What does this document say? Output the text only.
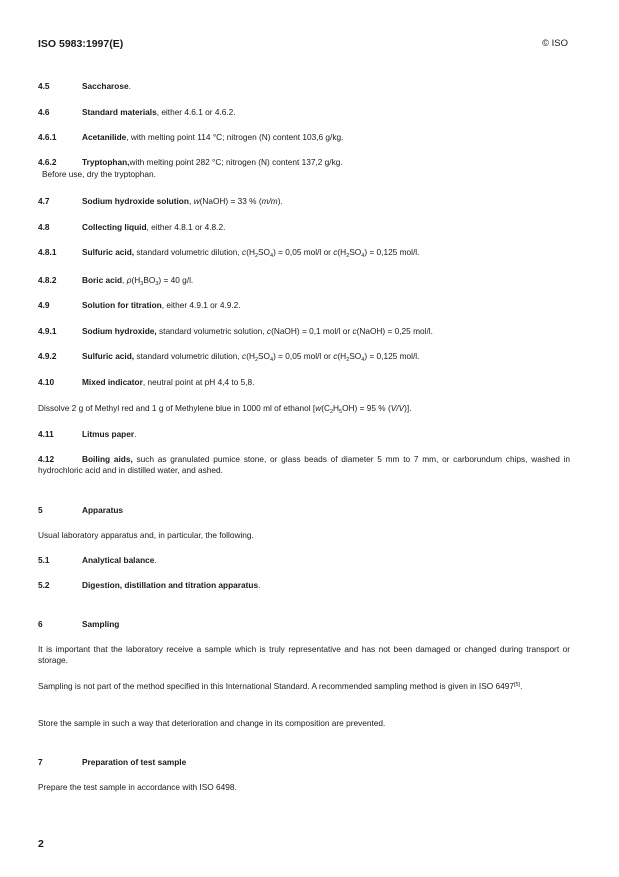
ISO 5983:1997(E)	© ISO
4.5	Saccharose.
4.6	Standard materials, either 4.6.1 or 4.6.2.
4.6.1	Acetanilide, with melting point 114 °C; nitrogen (N) content 103,6 g/kg.
4.6.2	Tryptophan,with melting point 282 °C; nitrogen (N) content 137,2 g/kg.
Before use, dry the tryptophan.
4.7	Sodium hydroxide solution, w(NaOH) = 33 % (m/m).
4.8	Collecting liquid, either 4.8.1 or 4.8.2.
4.8.1	Sulfuric acid, standard volumetric dilution, $c(H_2SO_4) = 0,05$ mol/l or $c(H_2SO_4) = 0,125$ mol/l.
4.8.2	Boric acid, $\rho(H_3BO_3) = 40$ g/l.
4.9	Solution for titration, either 4.9.1 or 4.9.2.
4.9.1	Sodium hydroxide, standard volumetric solution, c(NaOH) = 0,1 mol/l or c(NaOH) = 0,25 mol/l.
4.9.2	Sulfuric acid, standard volumetric dilution, $c(H_2SO_4) = 0,05$ mol/l or $c(H_2SO_4) = 0,125$ mol/l.
4.10	Mixed indicator, neutral point at pH 4,4 to 5,8.
Dissolve 2 g of Methyl red and 1 g of Methylene blue in 1000 ml of ethanol [$w(C_2H_5OH) = 95$ % (V/V)].
4.11	Litmus paper.
4.12	Boiling aids, such as granulated pumice stone, or glass beads of diameter 5 mm to 7 mm, or carborundum chips, washed in hydrochloric acid and in distilled water, and ashed.
5	Apparatus
Usual laboratory apparatus and, in particular, the following.
5.1	Analytical balance.
5.2	Digestion, distillation and titration apparatus.
6	Sampling
It is important that the laboratory receive a sample which is truly representative and has not been damaged or changed during transport or storage.
Sampling is not part of the method specified in this International Standard. A recommended sampling method is given in ISO 6497[5].
Store the sample in such a way that deterioration and change in its composition are prevented.
7	Preparation of test sample
Prepare the test sample in accordance with ISO 6498.
2
